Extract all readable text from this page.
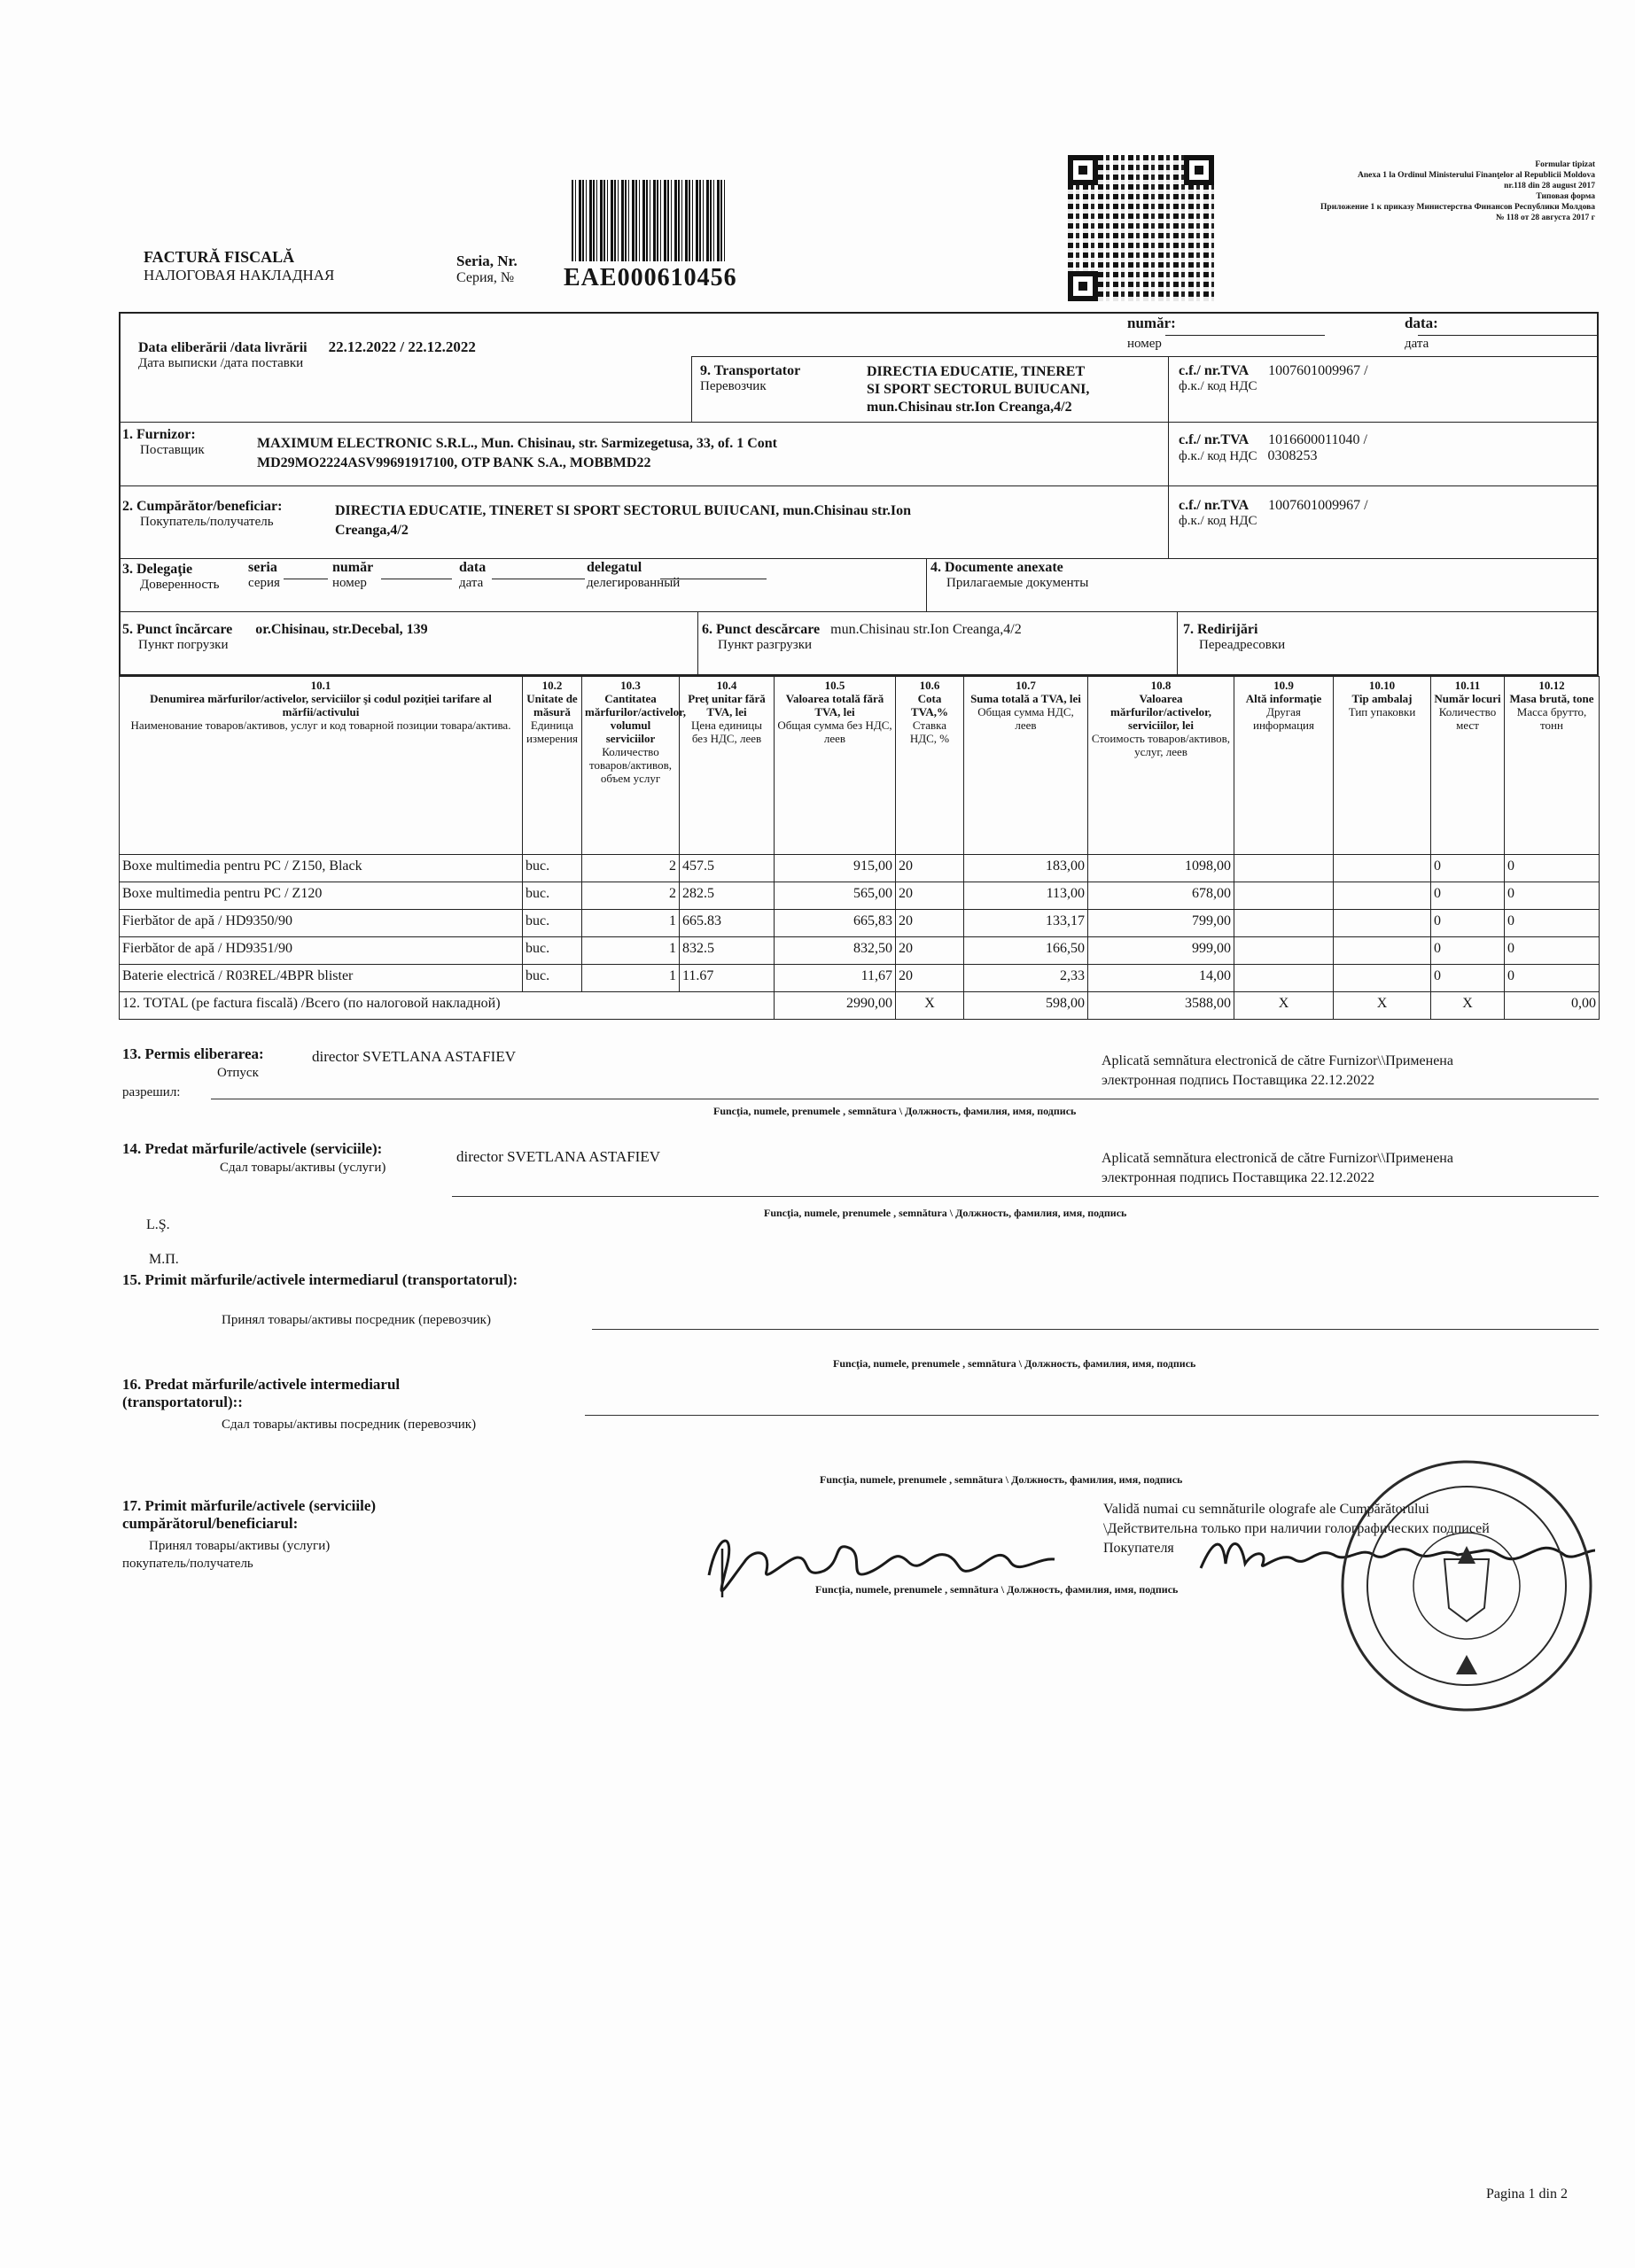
Formular tipizat
Anexa 1 la Ordinul Ministerului Finanţelor al Republicii Moldova
nr.118 din 28 august 2017
Типовая форма
Приложение 1 к приказу Министерства Финансов Республики Молдова
№ 118 от 28 августа 2017 г
FACTURĂ FISCALĂ
НАЛОГОВАЯ НАКЛАДНАЯ
Seria, Nr.
Серия, № EAE000610456
număr:
номер
data:
дата
Data eliberării /data livrării 22.12.2022 / 22.12.2022
Дата выписки /дата поставки	9. Transportator
Перевозчик
DIRECTIA EDUCATIE, TINERET
SI SPORT SECTORUL BUIUCANI,
mun.Chisinau str.Ion Creanga,4/2
c.f./ nr.TVA 1007601009967 /
ф.к./ код НДС
1. Furnizor:
Поставщик	MAXIMUM ELECTRONIC S.R.L., Mun. Chisinau, str. Sarmizegetusa, 33, of. 1 Cont
MD29MO2224ASV99691917100, OTP BANK S.A., MOBBMD22
c.f./ nr.TVA 1016600011040 /
ф.к./ код НДС 0308253
2. Cumpărător/beneficiar:
Покупатель/получатель
DIRECTIA EDUCATIE, TINERET SI SPORT SECTORUL BUIUCANI, mun.Chisinau str.Ion
Creanga,4/2
c.f./ nr.TVA 1007601009967 /
ф.к./ код НДС
3. Delegaţie
Доверенность
seria
серия
număr
номер
data
дата
delegatul
делегированный
4. Documente anexate
Прилагаемые документы
5. Punct încărcare or.Chisinau, str.Decebal, 139
Пункт погрузки
6. Punct descărcare mun.Chisinau str.Ion Creanga,4/2
Пункт разгрузки
7. Redirijări
Переадресовки
10.1
Denumirea mărfurilor/activelor, serviciilor şi codul poziţiei tarifare al mărfii/activului
Наименование товаров/активов, услуг и код товарной позиции товара/актива.	10.2
Unitate de măsură
Единица измерения	10.3
Cantitatea mărfurilor/activelor, volumul serviciilor
Количество товаров/активов, объем услуг	10.4
Preţ unitar fără TVA, lei
Цена единицы без НДС, леев	10.5
Valoarea totală fără TVA, lei
Общая сумма без НДС, леев	10.6
Cota TVA,%
Ставка НДС, %	10.7
Suma totală a TVA, lei
Общая сумма НДС, леев	10.8
Valoarea mărfurilor/activelor, serviciilor, lei
Стоимость товаров/активов, услуг, леев	10.9
Altă informaţie
Другая информация	10.10
Tip ambalaj
Тип упаковки	10.11
Număr locuri
Количество мест	10.12
Masa brută, tone
Масса брутто, тонн
Boxe multimedia pentru PC / Z150, Black	buc.	2	457.5	915,00	20	183,00	1098,00			0	0
Boxe multimedia pentru PC / Z120	buc.	2	282.5	565,00	20	113,00	678,00			0	0
Fierbător de apă / HD9350/90	buc.	1	665.83	665,83	20	133,17	799,00			0	0
Fierbător de apă / HD9351/90	buc.	1	832.5	832,50	20	166,50	999,00			0	0
Baterie electrică / R03REL/4BPR blister	buc.	1	11.67	11,67	20	2,33	14,00			0	0
12. TOTAL (pe factura fiscală) /Всего (по налоговой накладной)				2990,00	X	598,00	3588,00	X	X	X	0,00
13. Permis eliberarea:
Отпуск
разрешил:
director SVETLANA ASTAFIEV	Aplicată semnătura electronică de către Furnizor\\Применена
электронная подпись Поставщика 22.12.2022
Funcţia, numele, prenumele , semnătura \ Должность, фамилия, имя, подпись
14. Predat mărfurile/activele (serviciile):
Сдал товары/активы (услуги)
director SVETLANA ASTAFIEV	Aplicată semnătura electronică de către Furnizor\\Применена
электронная подпись Поставщика 22.12.2022
Funcţia, numele, prenumele , semnătura \ Должность, фамилия, имя, подпись
L.Ş.
М.П.
15. Primit mărfurile/activele intermediarul (transportatorul):
Принял товары/активы посредник (перевозчик)
Funcţia, numele, prenumele , semnătura \ Должность, фамилия, имя, подпись
16. Predat mărfurile/activele intermediarul
(transportatorul)::
Сдал товары/активы посредник (перевозчик)
Funcţia, numele, prenumele , semnătura \ Должность, фамилия, имя, подпись
17. Primit mărfurile/activele (serviciile)
cumpărătorul/beneficiarul:
Принял товары/активы (услуги)
покупатель/получатель
Validă numai cu semnăturile olografe ale Cumpărătorului
\Действительна только при наличии голографических подписей
Покупателя
Funcţia, numele, prenumele , semnătura \ Должность, фамилия, имя, подпись
Pagina 1 din 2
